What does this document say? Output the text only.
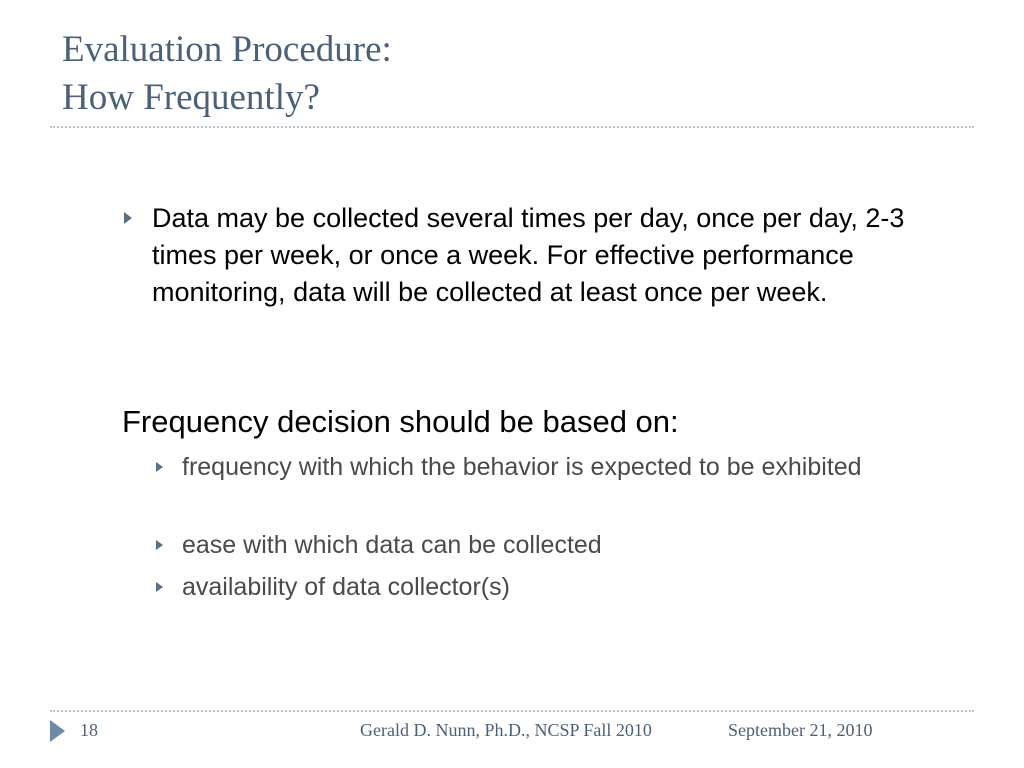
Evaluation Procedure:
How Frequently?
Data may be collected several times per day, once per day, 2-3 times per week, or once a week. For effective performance monitoring, data will be collected at least once per week.
Frequency decision should be based on:
frequency with which the behavior is expected to be exhibited
ease with which data can be collected
availability of data collector(s)
18	Gerald D. Nunn, Ph.D., NCSP Fall 2010	September 21, 2010
